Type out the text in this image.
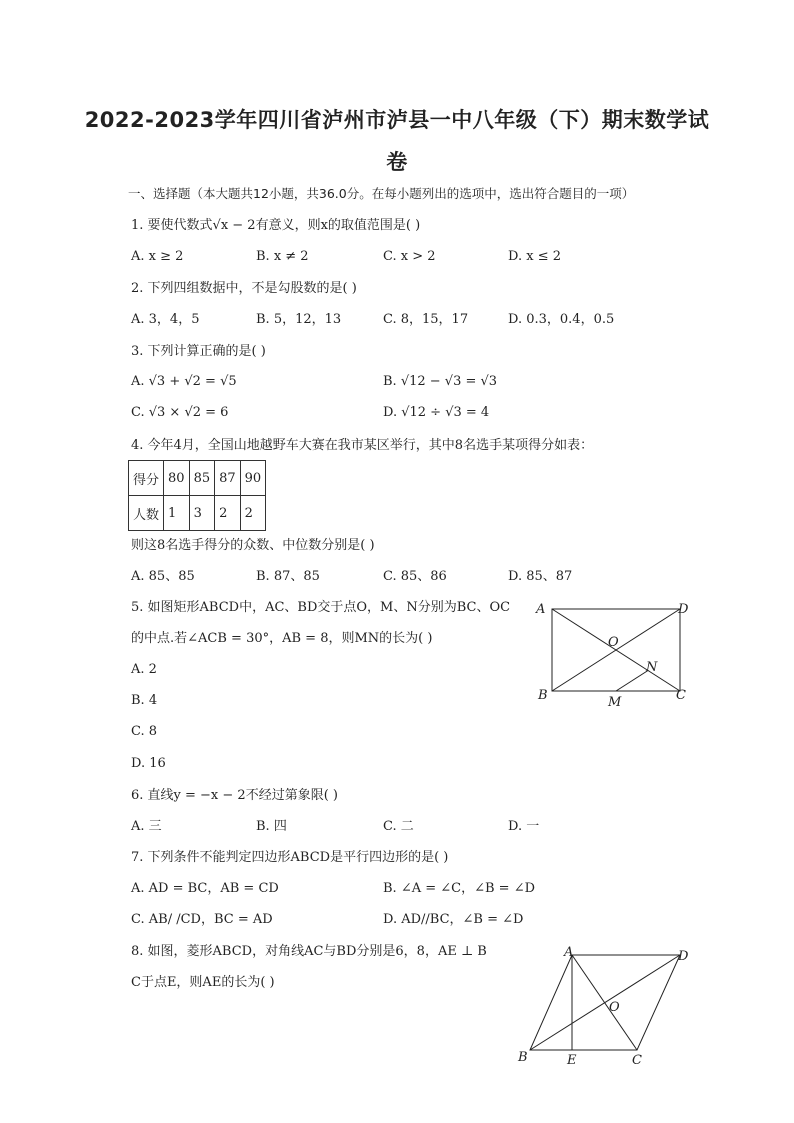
2022-2023学年四川省泸州市泸县一中八年级（下）期末数学试
卷
一、选择题（本大题共12小题，共36.0分。在每小题列出的选项中，选出符合题目的一项）
1. 要使代数式√x − 2有意义，则x的取值范围是( )
A. x ≥ 2	B. x ≠ 2	C. x > 2	D. x ≤ 2
2. 下列四组数据中，不是勾股数的是( )
A. 3，4，5	B. 5，12，13	C. 8，15，17	D. 0.3，0.4，0.5
3. 下列计算正确的是( )
A. √3 + √2 = √5	B. √12 − √3 = √3
C. √3 × √2 = 6	D. √12 ÷ √3 = 4
4. 今年4月，全国山地越野车大赛在我市某区举行，其中8名选手某项得分如表：
得分	80	85	87	90
人数	1	3	2	2
则这8名选手得分的众数、中位数分别是( )
A. 85、85	B. 87、85	C. 85、86	D. 85、87
5. 如图矩形ABCD中，AC、BD交于点O，M、N分别为BC、OC
的中点.若∠ACB = 30°，AB = 8，则MN的长为( )
A. 2
B. 4
C. 8
D. 16
A	D
O
N
B	M	C
6. 直线y = −x − 2不经过第象限( )
A. 三	B. 四	C. 二	D. 一
7. 下列条件不能判定四边形ABCD是平行四边形的是( )
A. AD = BC，AB = CD	B. ∠A = ∠C，∠B = ∠D
C. AB/ /CD，BC = AD	D. AD//BC，∠B = ∠D
8. 如图，菱形ABCD，对角线AC与BD分别是6，8，AE ⊥ B
C于点E，则AE的长为( )
A	D
O
B	E	C
